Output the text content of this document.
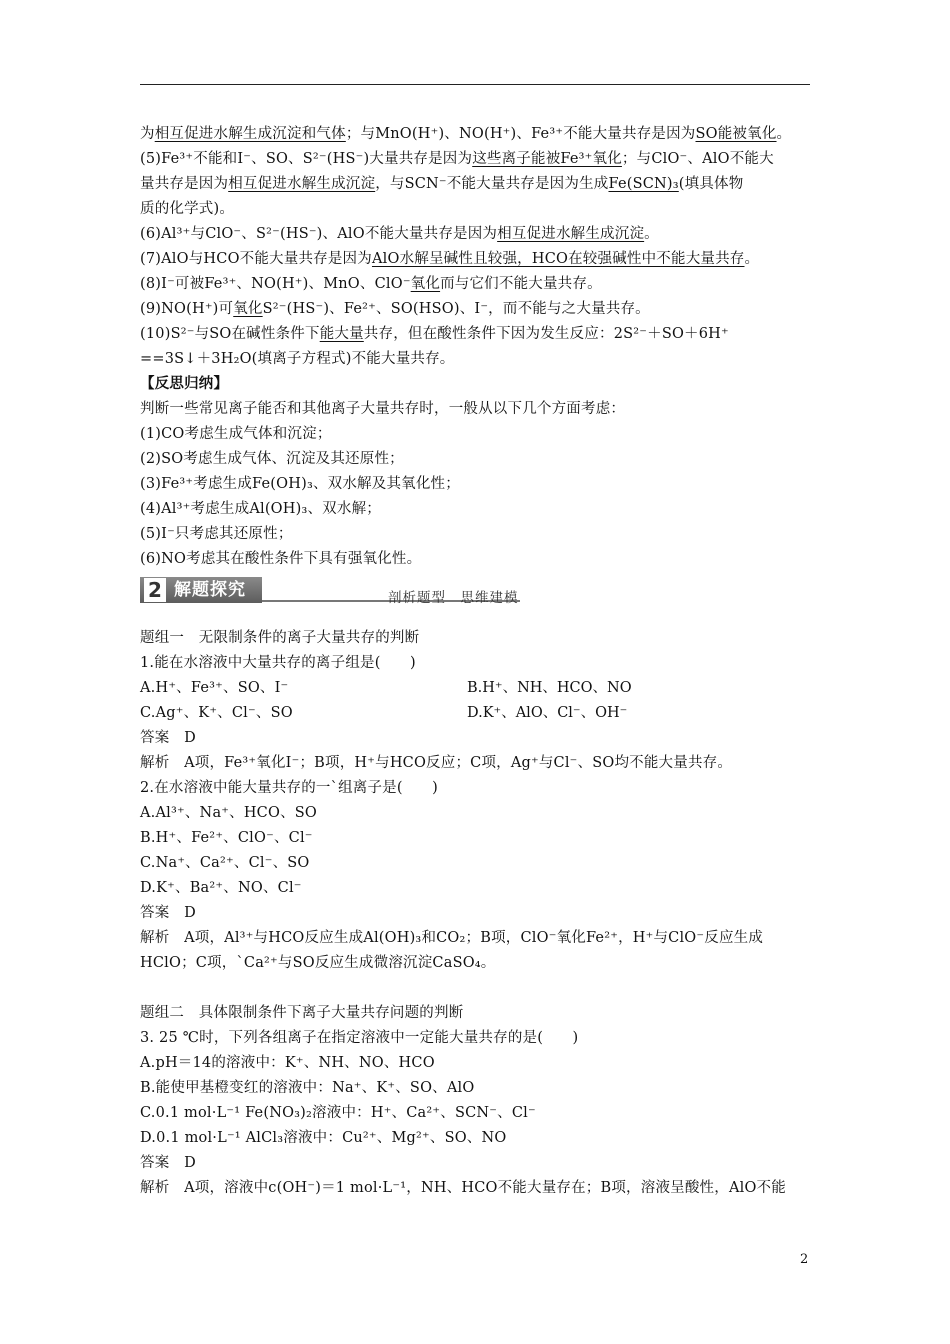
为相互促进水解生成沉淀和气体；与MnO(H⁺)、NO(H⁺)、Fe³⁺不能大量共存是因为SO能被氧化。
(5)Fe³⁺不能和I⁻、SO、S²⁻(HS⁻)大量共存是因为这些离子能被Fe³⁺氧化；与ClO⁻、AlO不能大
量共存是因为相互促进水解生成沉淀，与SCN⁻不能大量共存是因为生成Fe(SCN)₃(填具体物
质的化学式)。
(6)Al³⁺与ClO⁻、S²⁻(HS⁻)、AlO不能大量共存是因为相互促进水解生成沉淀。
(7)AlO与HCO不能大量共存是因为AlO水解呈碱性且较强，HCO在较强碱性中不能大量共存。
(8)I⁻可被Fe³⁺、NO(H⁺)、MnO、ClO⁻氧化而与它们不能大量共存。
(9)NO(H⁺)可氧化S²⁻(HS⁻)、Fe²⁺、SO(HSO)、I⁻，而不能与之大量共存。
(10)S²⁻与SO在碱性条件下能大量共存，但在酸性条件下因为发生反应：2S²⁻＋SO＋6H⁺
==3S↓＋3H₂O(填离子方程式)不能大量共存。
【反思归纳】
判断一些常见离子能否和其他离子大量共存时，一般从以下几个方面考虑：
(1)CO考虑生成气体和沉淀；
(2)SO考虑生成气体、沉淀及其还原性；
(3)Fe³⁺考虑生成Fe(OH)₃、双水解及其氧化性；
(4)Al³⁺考虑生成Al(OH)₃、双水解；
(5)I⁻只考虑其还原性；
(6)NO考虑其在酸性条件下具有强氧化性。
题组一　无限制条件的离子大量共存的判断
1.能在水溶液中大量共存的离子组是(　　)
A.H⁺、Fe³⁺、SO、I⁻	B.H⁺、NH、HCO、NO
C.Ag⁺、K⁺、Cl⁻、SO	D.K⁺、AlO、Cl⁻、OH⁻
答案　D
解析　A项，Fe³⁺氧化I⁻；B项，H⁺与HCO反应；C项，Ag⁺与Cl⁻、SO均不能大量共存。
2.在水溶液中能大量共存的一`组离子是(　　)
A.Al³⁺、Na⁺、HCO、SO
B.H⁺、Fe²⁺、ClO⁻、Cl⁻
C.Na⁺、Ca²⁺、Cl⁻、SO
D.K⁺、Ba²⁺、NO、Cl⁻
答案　D
解析　A项，Al³⁺与HCO反应生成Al(OH)₃和CO₂；B项，ClO⁻氧化Fe²⁺，H⁺与ClO⁻反应生成
HClO；C项，`Ca²⁺与SO反应生成微溶沉淀CaSO₄。
题组二　具体限制条件下离子大量共存问题的判断
3. 25 ℃时，下列各组离子在指定溶液中一定能大量共存的是(　　)
A.pH＝14的溶液中：K⁺、NH、NO、HCO
B.能使甲基橙变红的溶液中：Na⁺、K⁺、SO、AlO
C.0.1 mol·L⁻¹ Fe(NO₃)₂溶液中：H⁺、Ca²⁺、SCN⁻、Cl⁻
D.0.1 mol·L⁻¹ AlCl₃溶液中：Cu²⁺、Mg²⁺、SO、NO
答案　D
解析　A项，溶液中c(OH⁻)＝1 mol·L⁻¹，NH、HCO不能大量存在；B项，溶液呈酸性，AlO不能
2 解题探究	剖析题型　思维建模
2
